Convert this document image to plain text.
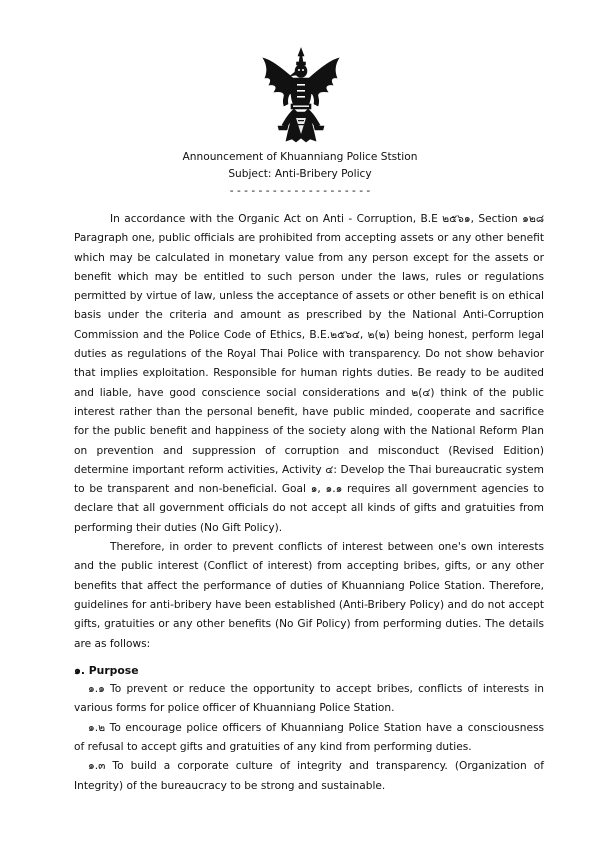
Announcement of Khuanniang Police Ststion
Subject: Anti-Bribery Policy
- - - - - - - - - - - - - - - - - - - -

In accordance with the Organic Act on Anti - Corruption, B.E ๒๕๖๑, Section ๑๒๘ Paragraph one, public officials are prohibited from accepting assets or any other benefit which may be calculated in monetary value from any person except for the assets or benefit which may be entitled to such person under the laws, rules or regulations permitted by virtue of law, unless the acceptance of assets or other benefit is on ethical basis under the criteria and amount as prescribed by the National Anti-Corruption Commission and the Police Code of Ethics, B.E.๒๕๖๔, ๒(๒) being honest, perform legal duties as regulations of the Royal Thai Police with transparency. Do not show behavior that implies exploitation. Responsible for human rights duties. Be ready to be audited and liable, have good conscience social considerations and ๒(๔) think of the public interest rather than the personal benefit, have public minded, cooperate and sacrifice for the public benefit and happiness of the society along with the National Reform Plan on prevention and suppression of corruption and misconduct (Revised Edition) determine important reform activities, Activity ๔: Develop the Thai bureaucratic system to be transparent and non-beneficial. Goal ๑, ๑.๑ requires all government agencies to declare that all government officials do not accept all kinds of gifts and gratuities from performing their duties (No Gift Policy).

Therefore, in order to prevent conflicts of interest between one's own interests and the public interest (Conflict of interest) from accepting bribes, gifts, or any other benefits that affect the performance of duties of Khuanniang Police Station. Therefore, guidelines for anti-bribery have been established (Anti-Bribery Policy) and do not accept gifts, gratuities or any other benefits (No Gif Policy) from performing duties. The details are as follows:

๑. Purpose

๑.๑ To prevent or reduce the opportunity to accept bribes, conflicts of interests in various forms for police officer of Khuanniang Police Station.

๑.๒ To encourage police officers of Khuanniang Police Station have a consciousness of refusal to accept gifts and gratuities of any kind from performing duties.

๑.๓ To build a corporate culture of integrity and transparency. (Organization of Integrity) of the bureaucracy to be strong and sustainable.
